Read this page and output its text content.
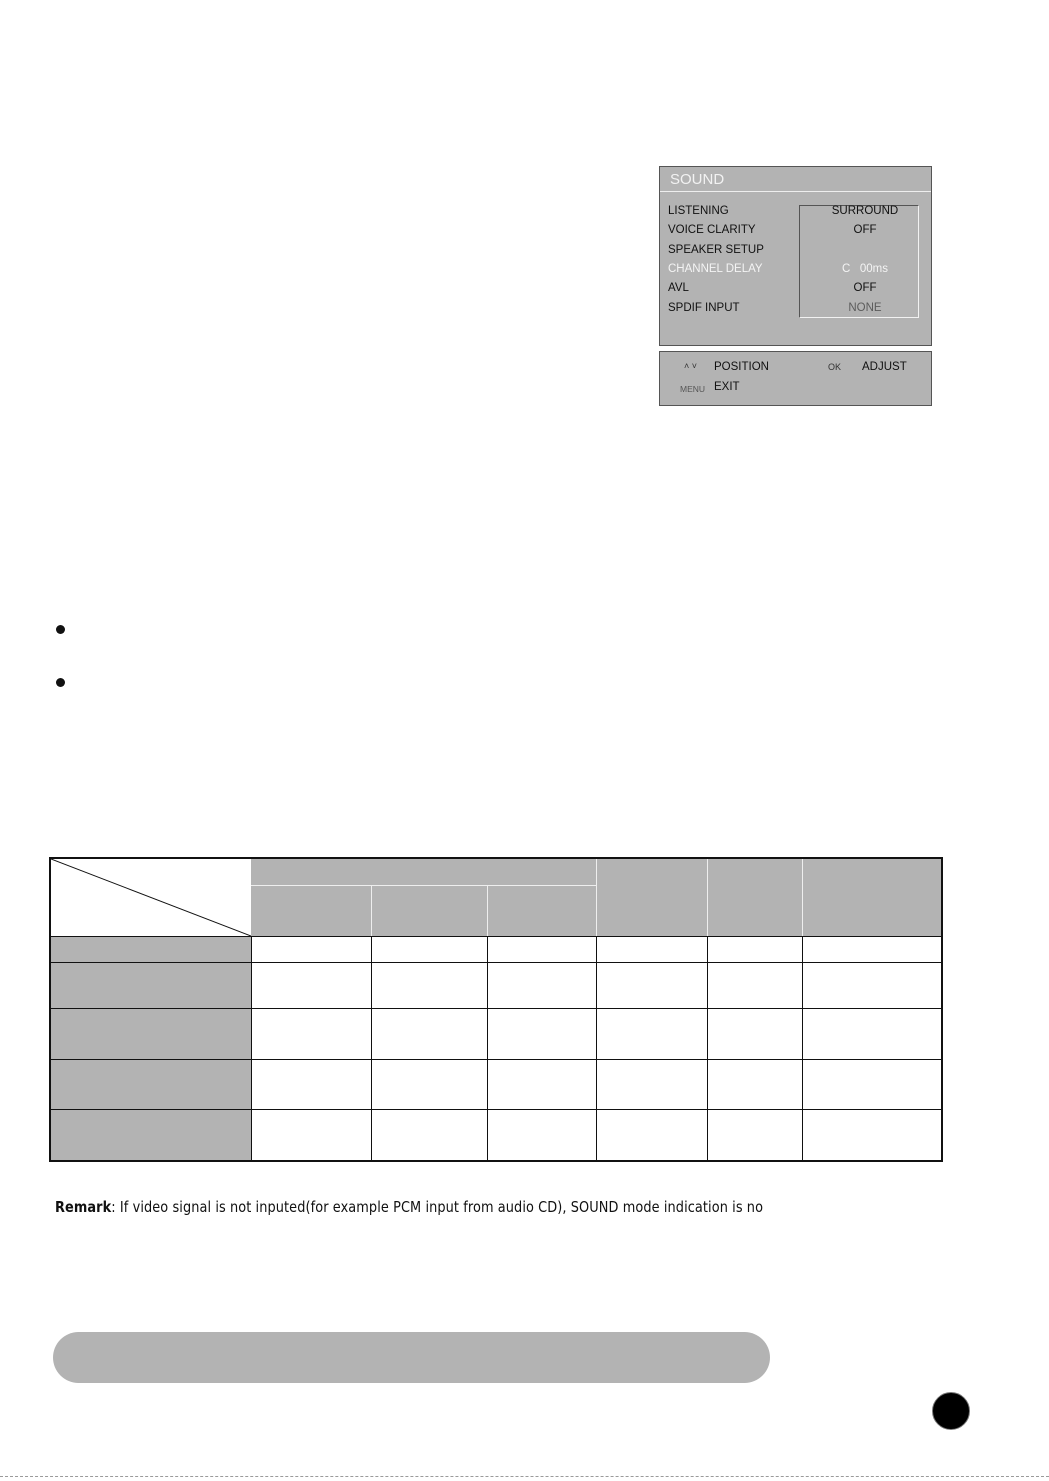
SOUND
LISTENING	SURROUND
VOICE CLARITY	OFF
SPEAKER SETUP
CHANNEL DELAY	C   00ms
AVL	OFF
SPDIF INPUT	NONE
˄ ˅ POSITION	OK ADJUST
MENU EXIT
Remark: If video signal is not inputed(for example PCM input from audio CD), SOUND mode indication is no
